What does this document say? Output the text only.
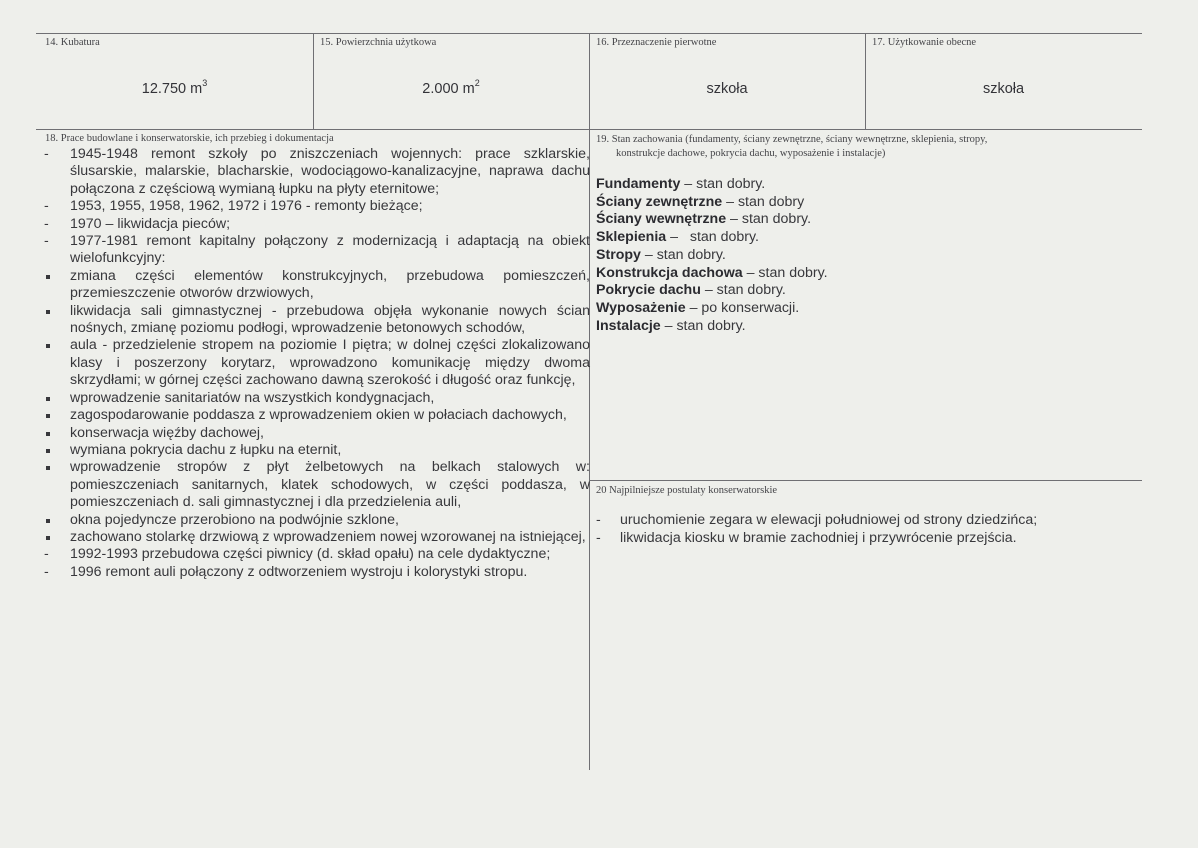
14. Kubatura
12.750 $m^3$
15. Powierzchnia użytkowa
2.000 $m^2$
16. Przeznaczenie pierwotne
szkoła
17. Użytkowanie obecne
szkoła
18. Prace budowlane i konserwatorskie, ich przebieg i dokumentacja
- 1945-1948 remont szkoły po zniszczeniach wojennych: prace szklarskie, ślusarskie, malarskie, blacharskie, wodociągowo-kanalizacyjne, naprawa dachu połączona z częściową wymianą łupku na płyty eternitowe;
- 1953, 1955, 1958, 1962, 1972 i 1976 - remonty bieżące;
- 1970 – likwidacja pieców;
- 1977-1981 remont kapitalny połączony z modernizacją i adaptacją na obiekt wielofunkcyjny:
zmiana części elementów konstrukcyjnych, przebudowa pomieszczeń, przemieszczenie otworów drzwiowych,
likwidacja sali gimnastycznej - przebudowa objęła wykonanie nowych ścian nośnych, zmianę poziomu podłogi, wprowadzenie betonowych schodów,
aula - przedzielenie stropem na poziomie I piętra; w dolnej części zlokalizowano klasy i poszerzony korytarz, wprowadzono komunikację między dwoma skrzydłami; w górnej części zachowano dawną szerokość i długość oraz funkcję,
wprowadzenie sanitariatów na wszystkich kondygnacjach,
zagospodarowanie poddasza z wprowadzeniem okien w połaciach dachowych,
konserwacja więźby dachowej,
wymiana pokrycia dachu z łupku na eternit,
wprowadzenie stropów z płyt żelbetowych na belkach stalowych w: pomieszczeniach sanitarnych, klatek schodowych, w części poddasza, w pomieszczeniach d. sali gimnastycznej i dla przedzielenia auli,
okna pojedyncze przerobiono na podwójnie szklone,
zachowano stolarkę drzwiową z wprowadzeniem nowej wzorowanej na istniejącej,
- 1992-1993 przebudowa części piwnicy (d. skład opału) na cele dydaktyczne;
- 1996 remont auli połączony z odtworzeniem wystroju i kolorystyki stropu.
19. Stan zachowania (fundamenty, ściany zewnętrzne, ściany wewnętrzne, sklepienia, stropy,
konstrukcje dachowe, pokrycia dachu, wyposażenie i instalacje)
Fundamenty – stan dobry.
Ściany zewnętrzne – stan dobry
Ściany wewnętrzne – stan dobry.
Sklepienia –   stan dobry.
Stropy – stan dobry.
Konstrukcja dachowa – stan dobry.
Pokrycie dachu – stan dobry.
Wyposażenie – po konserwacji.
Instalacje – stan dobry.
20 Najpilniejsze postulaty konserwatorskie
- uruchomienie zegara w elewacji południowej od strony dziedzińca;
- likwidacja kiosku w bramie zachodniej i przywrócenie przejścia.
